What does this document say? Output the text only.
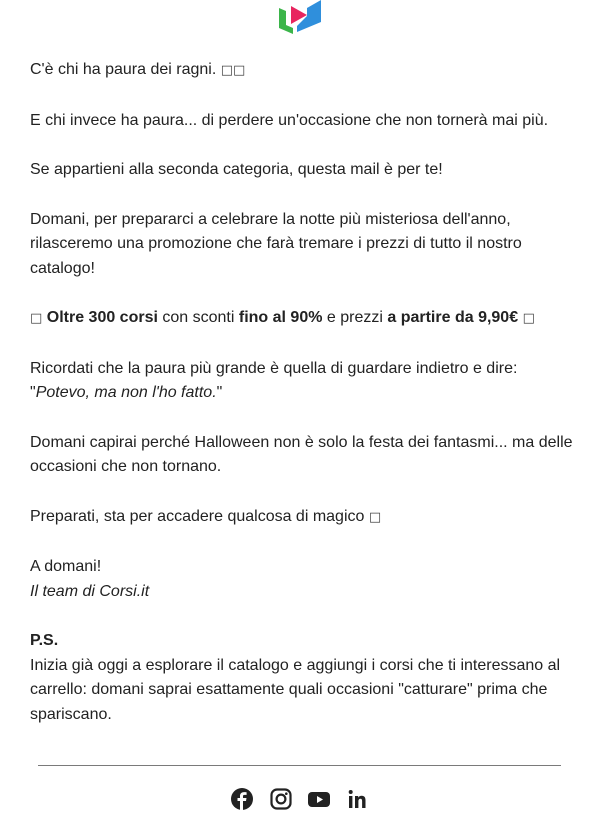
C'è chi ha paura dei ragni. □□

E chi invece ha paura... di perdere un'occasione che non tornerà mai più.

Se appartieni alla seconda categoria, questa mail è per te!

Domani, per prepararci a celebrare la notte più misteriosa dell'anno, rilasceremo una promozione che farà tremare i prezzi di tutto il nostro catalogo!

□ Oltre 300 corsi con sconti fino al 90% e prezzi a partire da 9,90€ □

Ricordati che la paura più grande è quella di guardare indietro e dire:
"Potevo, ma non l'ho fatto."

Domani capirai perché Halloween non è solo la festa dei fantasmi... ma delle occasioni che non tornano.

Preparati, sta per accadere qualcosa di magico □

A domani!
Il team di Corsi.it

P.S.
Inizia già oggi a esplorare il catalogo e aggiungi i corsi che ti interessano al carrello: domani saprai esattamente quali occasioni "catturare" prima che spariscano.
